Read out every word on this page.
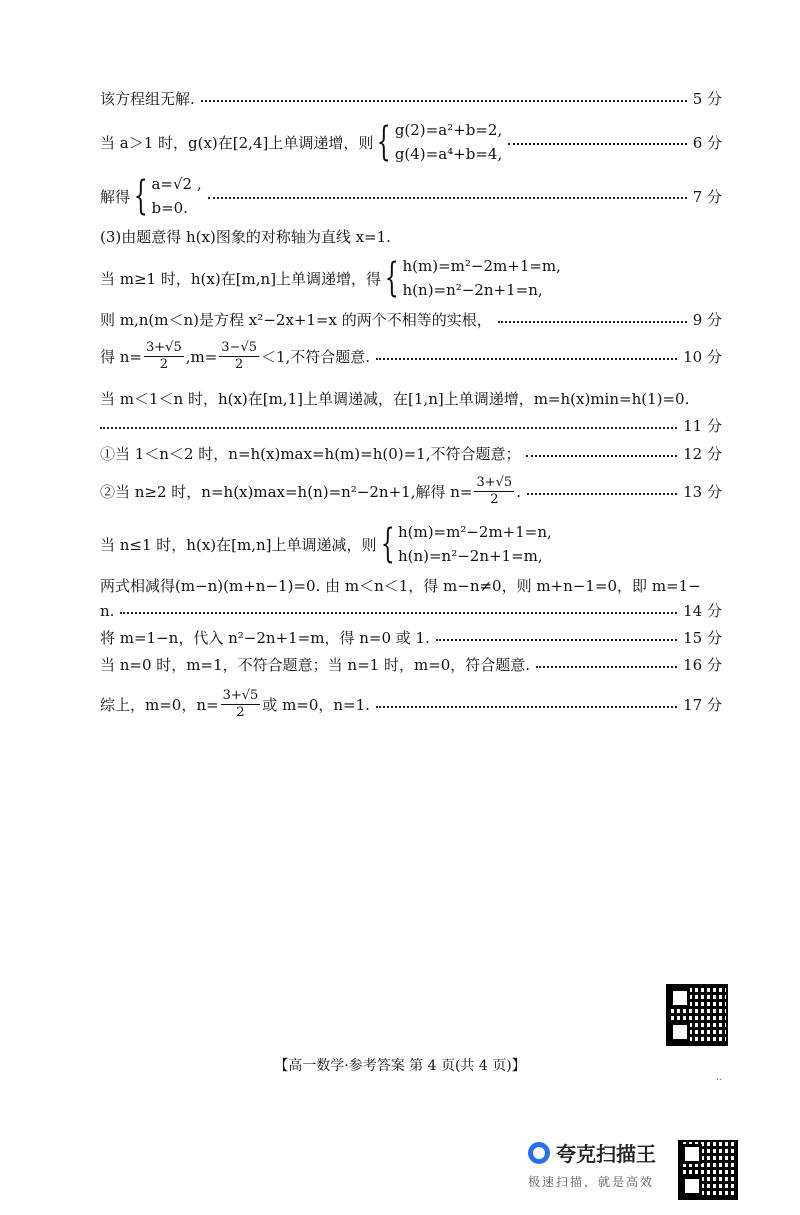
该方程组无解.	5 分
当 a＞1 时，g(x)在[2,4]上单调递增，则 { g(2)=a²+b=2,
g(4)=a⁴+b=4,
6 分
解得 { a=√2 ,
b=0.
7 分
(3)由题意得 h(x)图象的对称轴为直线 x=1.
当 m≥1 时，h(x)在[m,n]上单调递增，得 { h(m)=m²−2m+1=m,
h(n)=n²−2n+1=n,
则 m,n(m＜n)是方程 x²−2x+1=x 的两个不相等的实根，	9 分
得 $n= \frac{3+√5}{2} ,m= \frac{3-√5}{2} <1$,不符合题意.	10 分
当 m＜1＜n 时，h(x)在[m,1]上单调递减，在[1,n]上单调递增，m=h(x)min=h(1)=0.
11 分
①当 1＜n＜2 时，n=h(x)max=h(m)=h(0)=1,不符合题意；	12 分
②当 n≥2 时，n=h(x)max=h(n)=n²−2n+1,解得 $n= \frac{3+√5}{2}$ .	13 分
当 n≤1 时，h(x)在[m,n]上单调递减，则 { h(m)=m²−2m+1=n,
h(n)=n²−2n+1=m,
两式相减得(m−n)(m+n−1)=0. 由 m＜n＜1，得 m−n≠0，则 m+n−1=0，即 m=1−
n.	14 分
将 m=1−n，代入 n²−2n+1=m，得 n=0 或 1.	15 分
当 n=0 时，m=1，不符合题意；当 n=1 时，m=0，符合题意.	16 分
综上，m=0，$n= \frac{3+√5}{2}$ 或 m=0，n=1.	17 分
【高一数学·参考答案 第 4 页(共 4 页)】
..
夸克扫描王
极速扫描，就是高效
